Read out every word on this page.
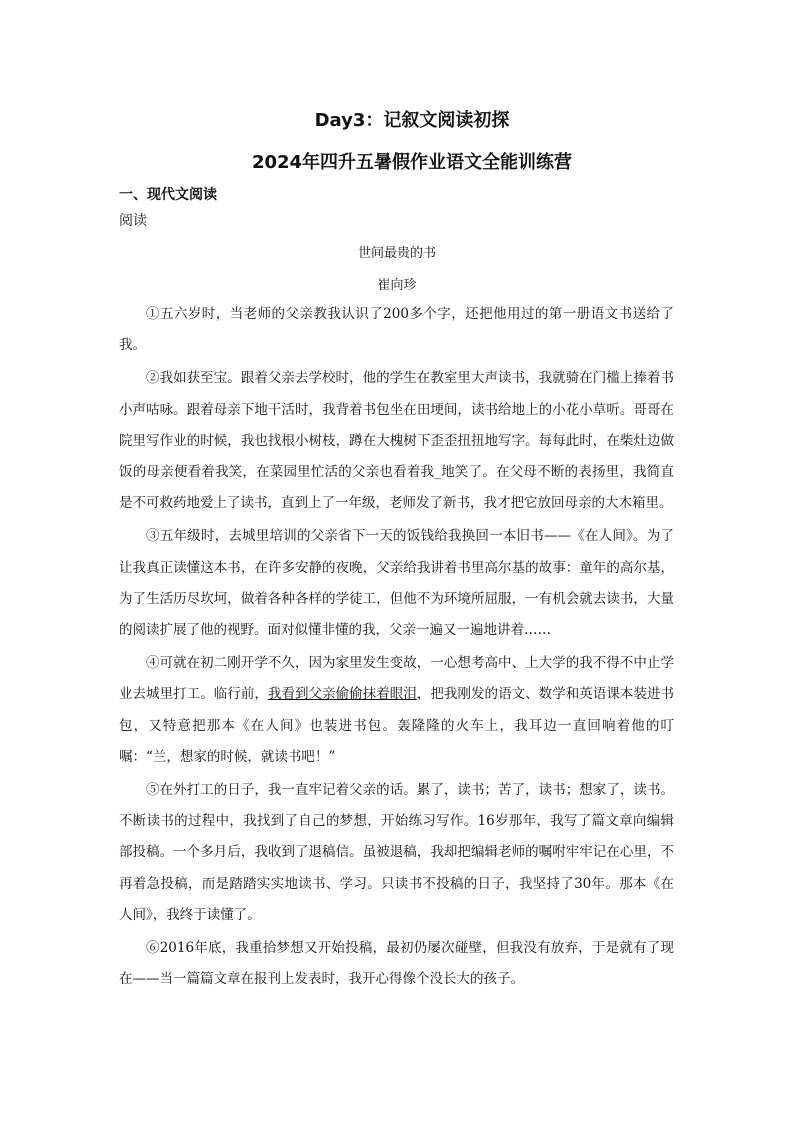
Day3：记叙文阅读初探
2024年四升五暑假作业语文全能训练营
一、现代文阅读

阅读

世间最贵的书

崔向珍

①五六岁时，当老师的父亲教我认识了200多个字，还把他用过的第一册语文书送给了我。

②我如获至宝。跟着父亲去学校时，他的学生在教室里大声读书，我就骑在门槛上捧着书小声咕咏。跟着母亲下地干活时，我背着书包坐在田埂间，读书给地上的小花小草听。哥哥在院里写作业的时候，我也找根小树枝，蹲在大槐树下歪歪扭扭地写字。每每此时，在柴灶边做饭的母亲便看着我笑，在菜园里忙活的父亲也看着我_地笑了。在父母不断的表扬里，我简直是不可救药地爱上了读书，直到上了一年级，老师发了新书，我才把它放回母亲的大木箱里。

③五年级时，去城里培训的父亲省下一天的饭钱给我换回一本旧书——《在人间》。为了让我真正读懂这本书，在许多安静的夜晚，父亲给我讲着书里高尔基的故事：童年的高尔基，为了生活历尽坎坷，做着各种各样的学徒工，但他不为环境所屈服，一有机会就去读书，大量的阅读扩展了他的视野。面对似懂非懂的我，父亲一遍又一遍地讲着……

④可就在初二刚开学不久，因为家里发生变故，一心想考高中、上大学的我不得不中止学业去城里打工。临行前，我看到父亲偷偷抹着眼泪，把我刚发的语文、数学和英语课本装进书包，又特意把那本《在人间》也装进书包。轰隆隆的火车上，我耳边一直回响着他的叮嘱：“兰，想家的时候，就读书吧！”

⑤在外打工的日子，我一直牢记着父亲的话。累了，读书；苦了，读书；想家了，读书。不断读书的过程中，我找到了自己的梦想，开始练习写作。16岁那年，我写了篇文章向编辑部投稿。一个多月后，我收到了退稿信。虽被退稿，我却把编辑老师的嘱咐牢牢记在心里，不再着急投稿，而是踏踏实实地读书、学习。只读书不投稿的日子，我坚持了30年。那本《在人间》，我终于读懂了。

⑥2016年底，我重拾梦想又开始投稿，最初仍屡次碰壁，但我没有放弃，于是就有了现在——当一篇篇文章在报刊上发表时，我开心得像个没长大的孩子。
